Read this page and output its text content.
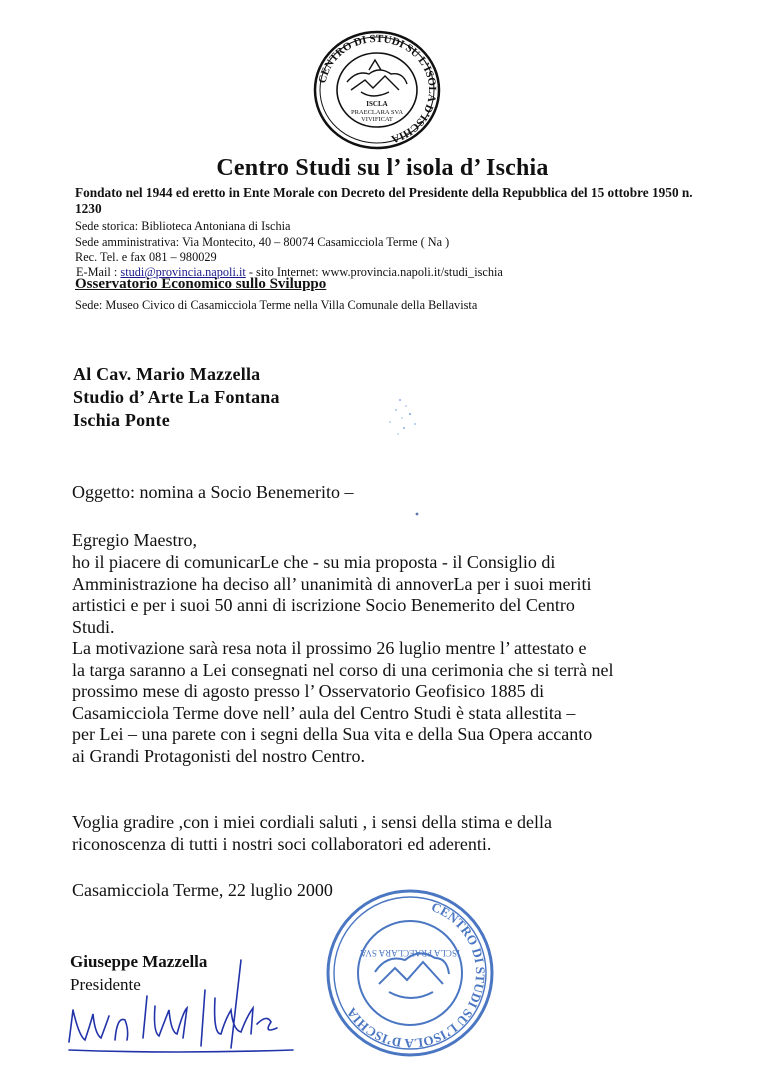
CENTRO DI STUDI SU L’ISOLA D’ISCHIA
ISCLA
PRAECLARA SVA
VIVIFICAT
Centro Studi su l’ isola d’ Ischia
Fondato nel 1944 ed eretto in Ente Morale con Decreto del Presidente della Repubblica del 15 ottobre 1950 n. 1230
Sede storica: Biblioteca Antoniana di Ischia
Sede amministrativa: Via Montecito, 40 – 80074 Casamicciola Terme ( Na )
Rec. Tel. e fax 081 – 980029
E-Mail : studi@provincia.napoli.it - sito Internet: www.provincia.napoli.it/studi_ischia
Osservatorio Economico sullo Sviluppo
Sede: Museo Civico di Casamicciola Terme nella Villa Comunale della Bellavista
Al Cav. Mario Mazzella
Studio d’ Arte La Fontana
Ischia Ponte
Oggetto: nomina a Socio Benemerito –
Egregio Maestro,
ho il piacere di comunicarLe che - su mia proposta - il Consiglio di
Amministrazione ha deciso all’ unanimità di annoverLa per i suoi meriti
artistici e per i suoi 50 anni di iscrizione Socio Benemerito del Centro
Studi.
La motivazione sarà resa nota il prossimo 26 luglio mentre l’ attestato e
la targa saranno a Lei consegnati nel corso di una cerimonia che si terrà nel
prossimo mese di agosto presso l’ Osservatorio Geofisico 1885 di
Casamicciola Terme dove nell’ aula del Centro Studi è stata allestita –
per Lei – una parete con i segni della Sua vita e della Sua Opera accanto
ai Grandi Protagonisti del nostro Centro.
Voglia gradire ,con i miei cordiali saluti , i sensi della stima e della
riconoscenza di tutti i nostri soci collaboratori ed aderenti.
Casamicciola Terme, 22 luglio 2000
Giuseppe Mazzella
Presidente
CENTRO DI STUDI SU L’ISOLA D’ISCHIA
ISCLA PRAECLARA SVA
